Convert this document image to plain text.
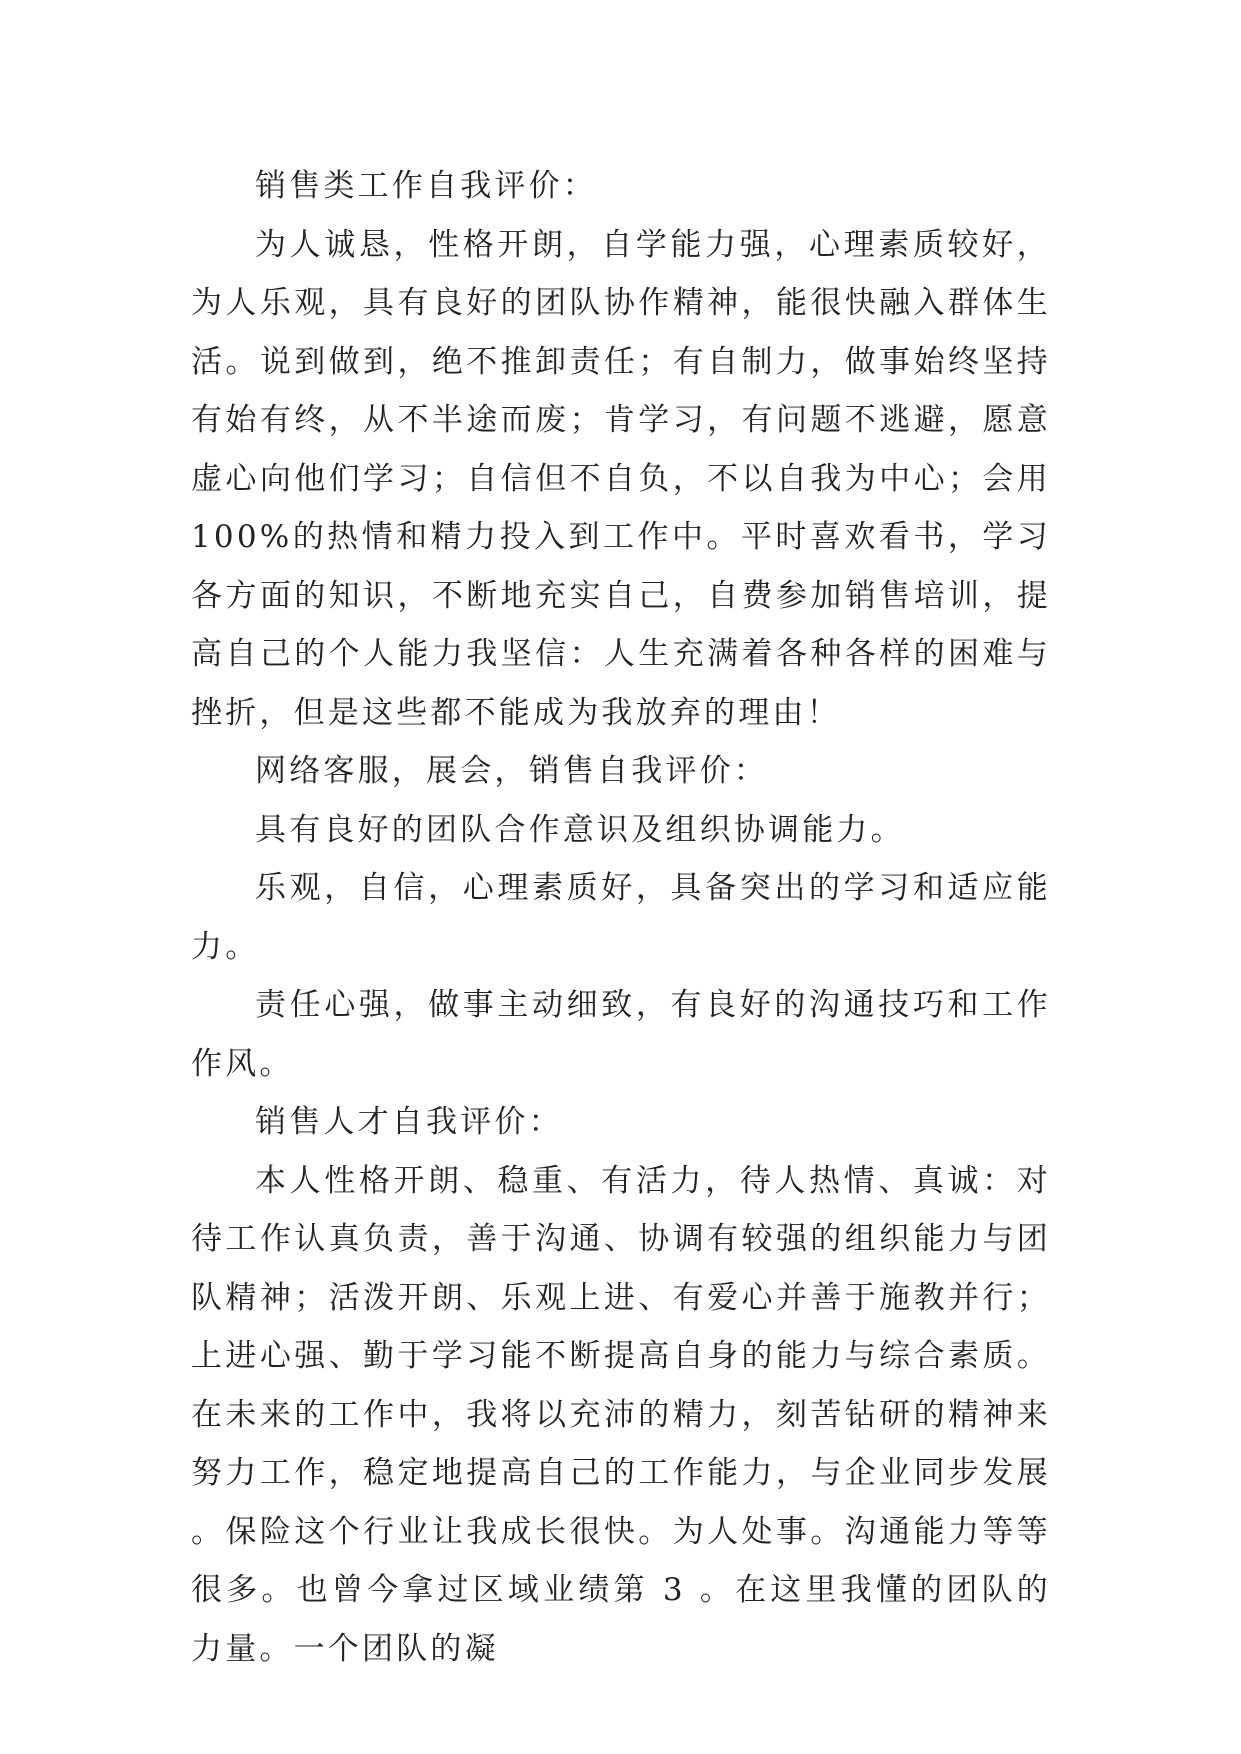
销售类工作自我评价：

为人诚恳，性格开朗，自学能力强，心理素质较好，为人乐观，具有良好的团队协作精神，能很快融入群体生活。说到做到，绝不推卸责任；有自制力，做事始终坚持有始有终，从不半途而废；肯学习，有问题不逃避，愿意虚心向他们学习；自信但不自负，不以自我为中心；会用 100%的热情和精力投入到工作中。平时喜欢看书，学习各方面的知识，不断地充实自己，自费参加销售培训，提高自己的个人能力我坚信：人生充满着各种各样的困难与挫折，但是这些都不能成为我放弃的理由！

网络客服，展会，销售自我评价：

具有良好的团队合作意识及组织协调能力。

乐观，自信，心理素质好，具备突出的学习和适应能力。

责任心强，做事主动细致，有良好的沟通技巧和工作作风。

销售人才自我评价：

本人性格开朗、稳重、有活力，待人热情、真诚：对待工作认真负责，善于沟通、协调有较强的组织能力与团队精神；活泼开朗、乐观上进、有爱心并善于施教并行；上进心强、勤于学习能不断提高自身的能力与综合素质。在未来的工作中，我将以充沛的精力，刻苦钻研的精神来努力工作，稳定地提高自己的工作能力，与企业同步发展。保险这个行业让我成长很快。为人处事。沟通能力等等很多。也曾今拿过区域业绩第 3 。在这里我懂的团队的力量。一个团队的凝
